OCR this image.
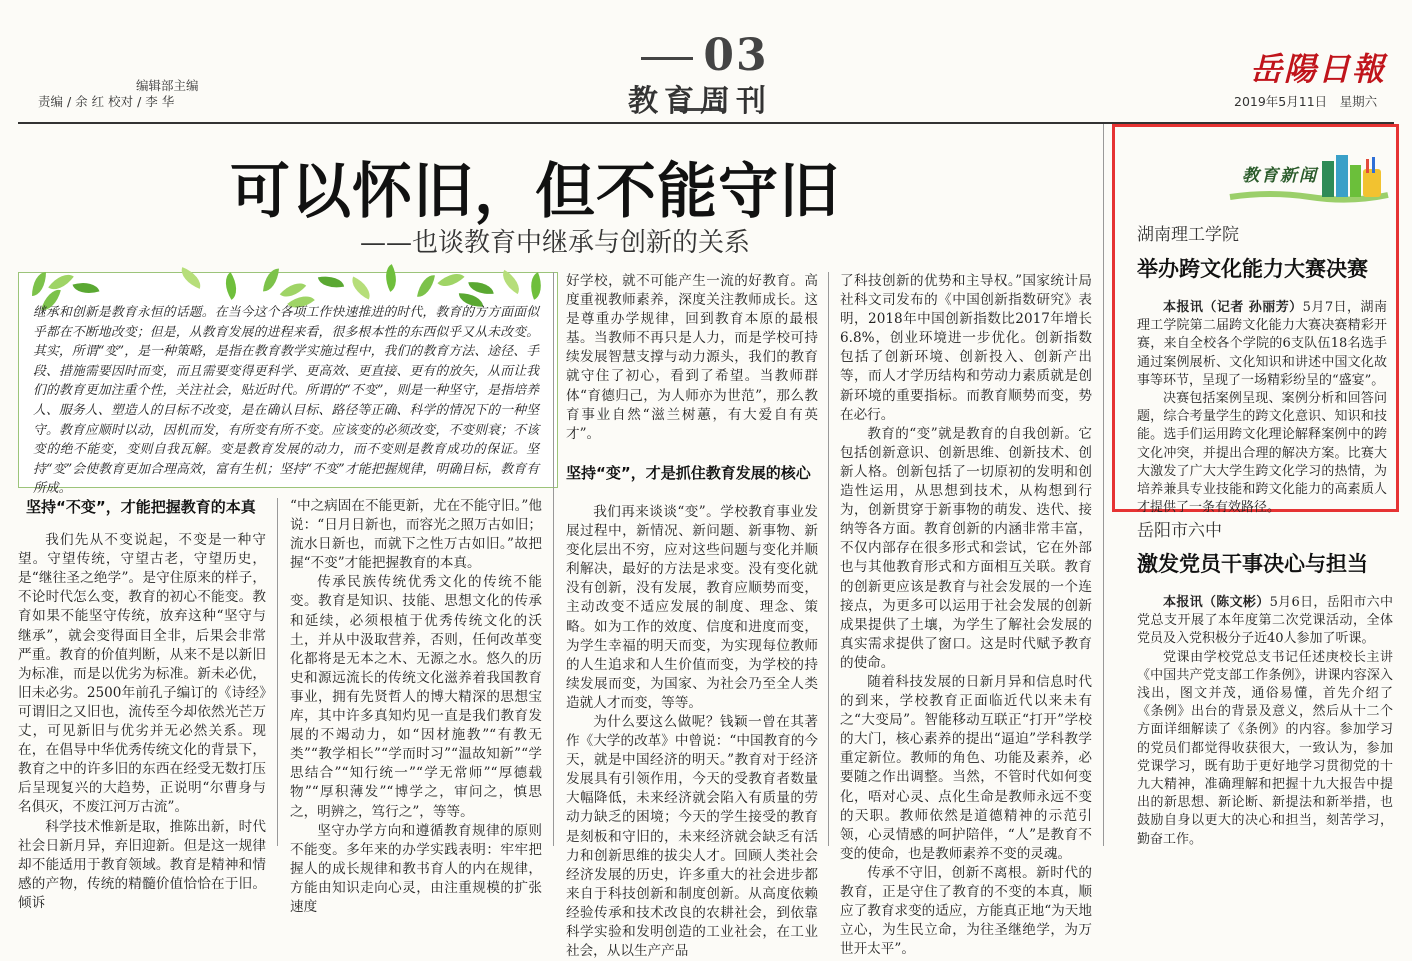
编辑部主编
责编 / 余 红 校对 / 李 华
03
教育周刊
岳陽日報
2019年5月11日　星期六
可以怀旧，但不能守旧
——也谈教育中继承与创新的关系
继承和创新是教育永恒的话题。在当今这个各项工作快速推进的时代，教育的方方面面似乎都在不断地改变；但是，从教育发展的进程来看，很多根本性的东西似乎又从未改变。其实，所谓“变”，是一种策略，是指在教育教学实施过程中，我们的教育方法、途径、手段、措施需要因时而变，而且需要变得更科学、更高效、更直接、更有的放矢，从而让我们的教育更加注重个性，关注社会，贴近时代。所谓的“不变”，则是一种坚守，是指培养人、服务人、塑造人的目标不改变，是在确认目标、路径等正确、科学的情况下的一种坚守。教育应顺时以动，因机而发，有所变有所不变。应该变的必须改变，不变则衰；不该变的绝不能变，变则自我瓦解。变是教育发展的动力，而不变则是教育成功的保证。坚持“变”会使教育更加合理高效，富有生机；坚持“不变”才能把握规律，明确目标，教育有所成。
坚持“不变”，才能把握教育的本真

我们先从不变说起，不变是一种守望。守望传统，守望古老，守望历史，是“继往圣之绝学”。是守住原来的样子，不论时代怎么变，教育的初心不能变。教育如果不能坚守传统，放弃这种“坚守与继承”，就会变得面目全非，后果会非常严重。教育的价值判断，从来不是以新旧为标准，而是以优劣为标准。新未必优，旧未必劣。2500年前孔子编订的《诗经》可谓旧之又旧也，流传至今却依然光芒万丈，可见新旧与优劣并无必然关系。现在，在倡导中华优秀传统文化的背景下，教育之中的许多旧的东西在经受无数打压后呈现复兴的大趋势，正说明“尔曹身与名俱灭，不废江河万古流”。

科学技术惟新是取，推陈出新，时代社会日新月异，弃旧迎新。但是这一规律却不能适用于教育领域。教育是精神和情感的产物，传统的精髓价值恰恰在于旧。倾诉

“中之病固在不能更新，尤在不能守旧。”他说：“日月日新也，而容光之照万古如旧；流水日新也，而就下之性万古如旧。”故把握“不变”才能把握教育的本真。

传承民族传统优秀文化的传统不能变。教育是知识、技能、思想文化的传承和延续，必须根植于优秀传统文化的沃土，并从中汲取营养，否则，任何改革变化都将是无本之木、无源之水。悠久的历史和源远流长的传统文化滋养着我国教育事业，拥有先贤哲人的博大精深的思想宝库，其中许多真知灼见一直是我们教育发展的不竭动力，如“因材施教”“有教无类”“教学相长”“学而时习”“温故知新”“学思结合”“知行统一”“学无常师”“厚德载物”“厚积薄发”“博学之，审问之，慎思之，明辨之，笃行之”，等等。

坚守办学方向和遵循教育规律的原则不能变。多年来的办学实践表明：牢牢把握人的成长规律和教书育人的内在规律，方能由知识走向心灵，由注重规模的扩张速度

好学校，就不可能产生一流的好教育。高度重视教师素养，深度关注教师成长。这是尊重办学规律，回到教育本原的最根基。当教师不再只是人力，而是学校可持续发展智慧支撑与动力源头，我们的教育就守住了初心，看到了希望。当教师群体“育德归己，为人师亦为世范”，那么教育事业自然“滋兰树蕙，有大爱自有英才”。

坚持“变”，才是抓住教育发展的核心

我们再来谈谈“变”。学校教育事业发展过程中，新情况、新问题、新事物、新变化层出不穷，应对这些问题与变化并顺利解决，最好的方法是求变。没有变化就没有创新，没有发展，教育应顺势而变，主动改变不适应发展的制度、理念、策略。如为工作的效度、信度和进度而变，为学生幸福的明天而变，为实现每位教师的人生追求和人生价值而变，为学校的持续发展而变，为国家、为社会乃至全人类造就人才而变，等等。

为什么要这么做呢？钱颖一曾在其著作《大学的改革》中曾说：“中国教育的今天，就是中国经济的明天。”教育对于经济发展具有引领作用，今天的受教育者数量大幅降低，未来经济就会陷入有质量的劳动力缺乏的困境；今天的学生接受的教育是刻板和守旧的，未来经济就会缺乏有活力和创新思维的拔尖人才。回顾人类社会经济发展的历史，许多重大的社会进步都来自于科技创新和制度创新。从高度依赖经验传承和技术改良的农耕社会，到依靠科学实验和发明创造的工业社会，在工业社会，从以生产产品

了科技创新的优势和主导权。”国家统计局社科文司发布的《中国创新指数研究》表明，2018年中国创新指数比2017年增长6.8%，创业环境进一步优化。创新指数包括了创新环境、创新投入、创新产出等，而人才学历结构和劳动力素质就是创新环境的重要指标。而教育顺势而变，势在必行。

教育的“变”就是教育的自我创新。它包括创新意识、创新思维、创新技术、创新人格。创新包括了一切原初的发明和创造性运用，从思想到技术，从构想到行为，创新贯穿于新事物的萌发、迭代、接纳等各方面。教育创新的内涵非常丰富，不仅内部存在很多形式和尝试，它在外部也与其他教育形式和方面相互关联。教育的创新更应该是教育与社会发展的一个连接点，为更多可以运用于社会发展的创新成果提供了土壤，为学生了解社会发展的真实需求提供了窗口。这是时代赋予教育的使命。

随着科技发展的日新月异和信息时代的到来，学校教育正面临近代以来未有之“大变局”。智能移动互联正“打开”学校的大门，核心素养的提出“逼迫”学科教学重定新位。教师的角色、功能及素养，必要随之作出调整。当然，不管时代如何变化，唔对心灵、点化生命是教师永远不变的天职。教师依然是道德精神的示范引领，心灵情感的呵护陪伴，“人”是教育不变的使命，也是教师素养不变的灵魂。

传承不守旧，创新不离根。新时代的教育，正是守住了教育的不变的本真，顺应了教育求变的适应，方能真正地“为天地立心，为生民立命，为往圣继绝学，为万世开太平”。

教育新闻
湖南理工学院
举办跨文化能力大赛决赛

本报讯（记者 孙丽芳）5月7日，湖南理工学院第二届跨文化能力大赛决赛精彩开赛，来自全校各个学院的6支队伍18名选手通过案例展析、文化知识和讲述中国文化故事等环节，呈现了一场精彩纷呈的“盛宴”。

决赛包括案例呈现、案例分析和回答问题，综合考量学生的跨文化意识、知识和技能。选手们运用跨文化理论解释案例中的跨文化冲突，并提出合理的解决方案。比赛大大激发了广大大学生跨文化学习的热情，为培养兼具专业技能和跨文化能力的高素质人才提供了一条有效路径。

岳阳市六中
激发党员干事决心与担当

本报讯（陈文彬）5月6日，岳阳市六中党总支开展了本年度第二次党课活动，全体党员及入党积极分子近40人参加了听课。

党课由学校党总支书记任述庚校长主讲《中国共产党支部工作条例》，讲课内容深入浅出，图文并茂，通俗易懂，首先介绍了《条例》出台的背景及意义，然后从十二个方面详细解读了《条例》的内容。参加学习的党员们都觉得收获很大，一致认为，参加党课学习，既有助于更好地学习贯彻党的十九大精神，准确理解和把握十九大报告中提出的新思想、新论断、新提法和新举措，也鼓励自身以更大的决心和担当，刻苦学习，勤奋工作。
